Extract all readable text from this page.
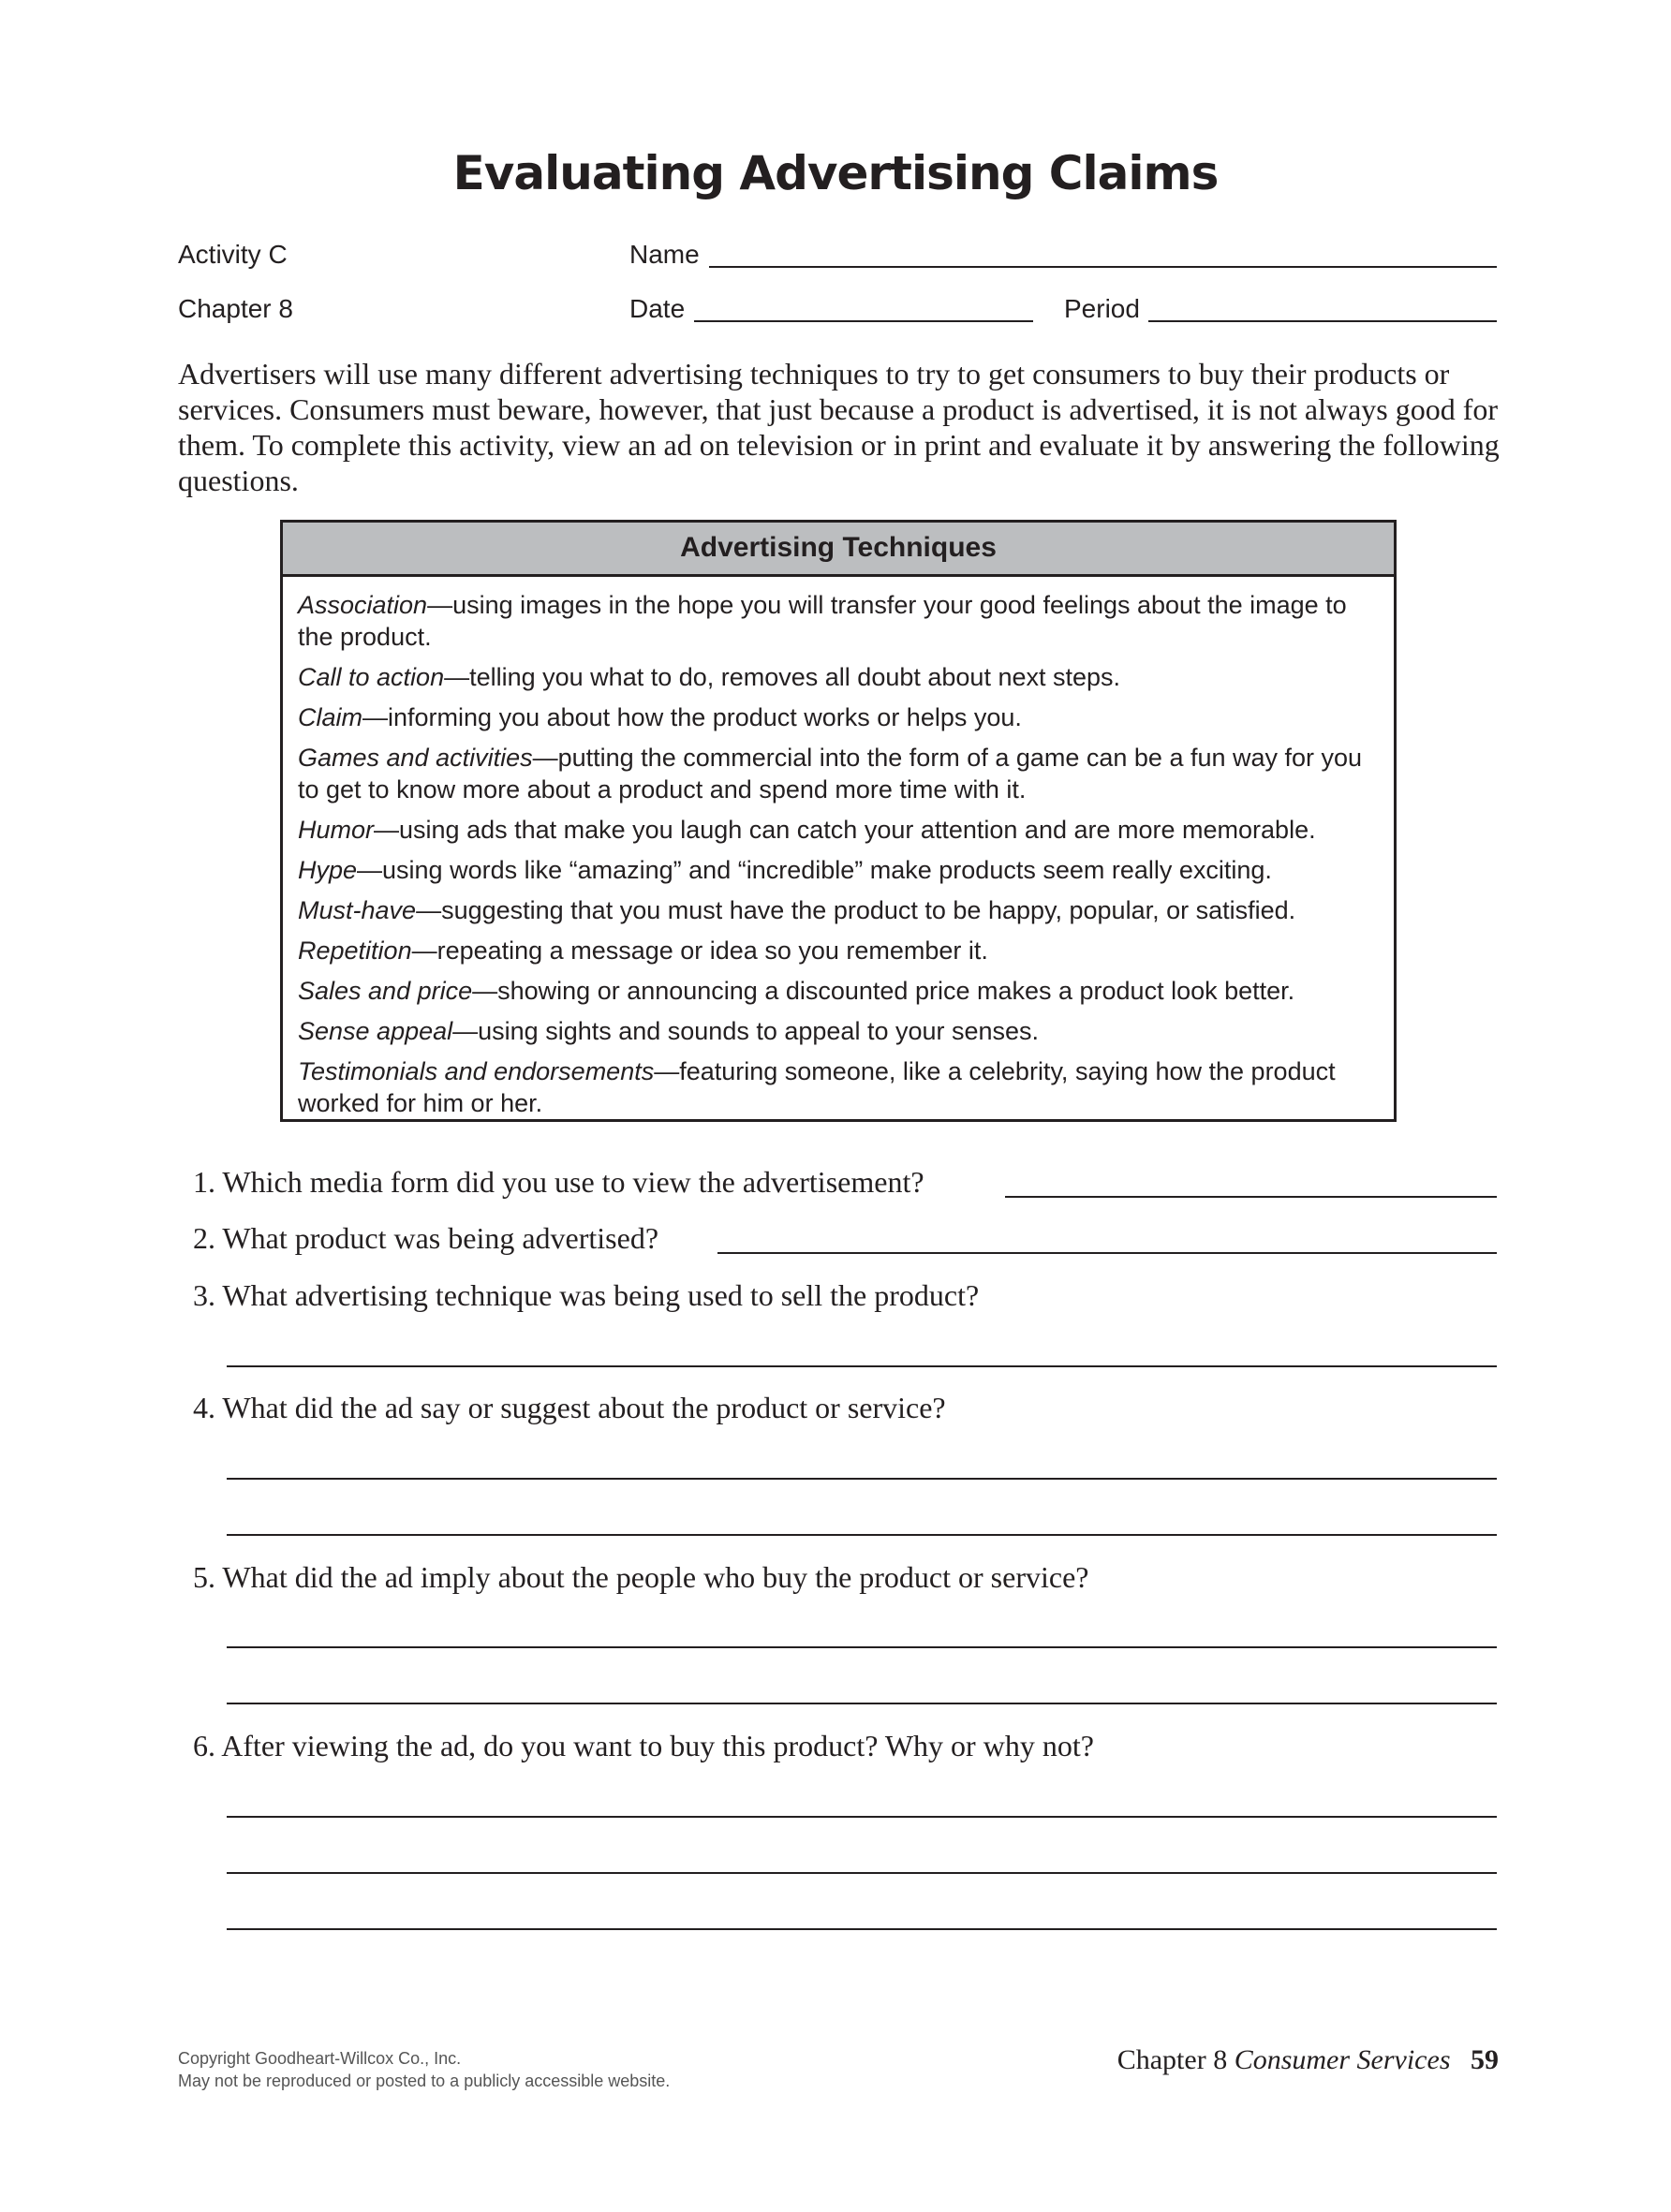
Evaluating Advertising Claims
Activity C	Name
Chapter 8	Date	Period

Advertisers will use many different advertising techniques to try to get consumers to buy their products or services. Consumers must beware, however, that just because a product is advertised, it is not always good for them. To complete this activity, view an ad on television or in print and evaluate it by answering the following questions.

Advertising Techniques
Association—using images in the hope you will transfer your good feelings about the image to the product.
Call to action—telling you what to do, removes all doubt about next steps.
Claim—informing you about how the product works or helps you.
Games and activities—putting the commercial into the form of a game can be a fun way for you to get to know more about a product and spend more time with it.
Humor—using ads that make you laugh can catch your attention and are more memorable.
Hype—using words like “amazing” and “incredible” make products seem really exciting.
Must-have—suggesting that you must have the product to be happy, popular, or satisfied.
Repetition—repeating a message or idea so you remember it.
Sales and price—showing or announcing a discounted price makes a product look better.
Sense appeal—using sights and sounds to appeal to your senses.
Testimonials and endorsements—featuring someone, like a celebrity, saying how the product worked for him or her.
1. Which media form did you use to view the advertisement?
2. What product was being advertised?
3. What advertising technique was being used to sell the product?
4. What did the ad say or suggest about the product or service?
5. What did the ad imply about the people who buy the product or service?
6. After viewing the ad, do you want to buy this product? Why or why not?
Copyright Goodheart-Willcox Co., Inc.
May not be reproduced or posted to a publicly accessible website.
Chapter 8 Consumer Services 59
